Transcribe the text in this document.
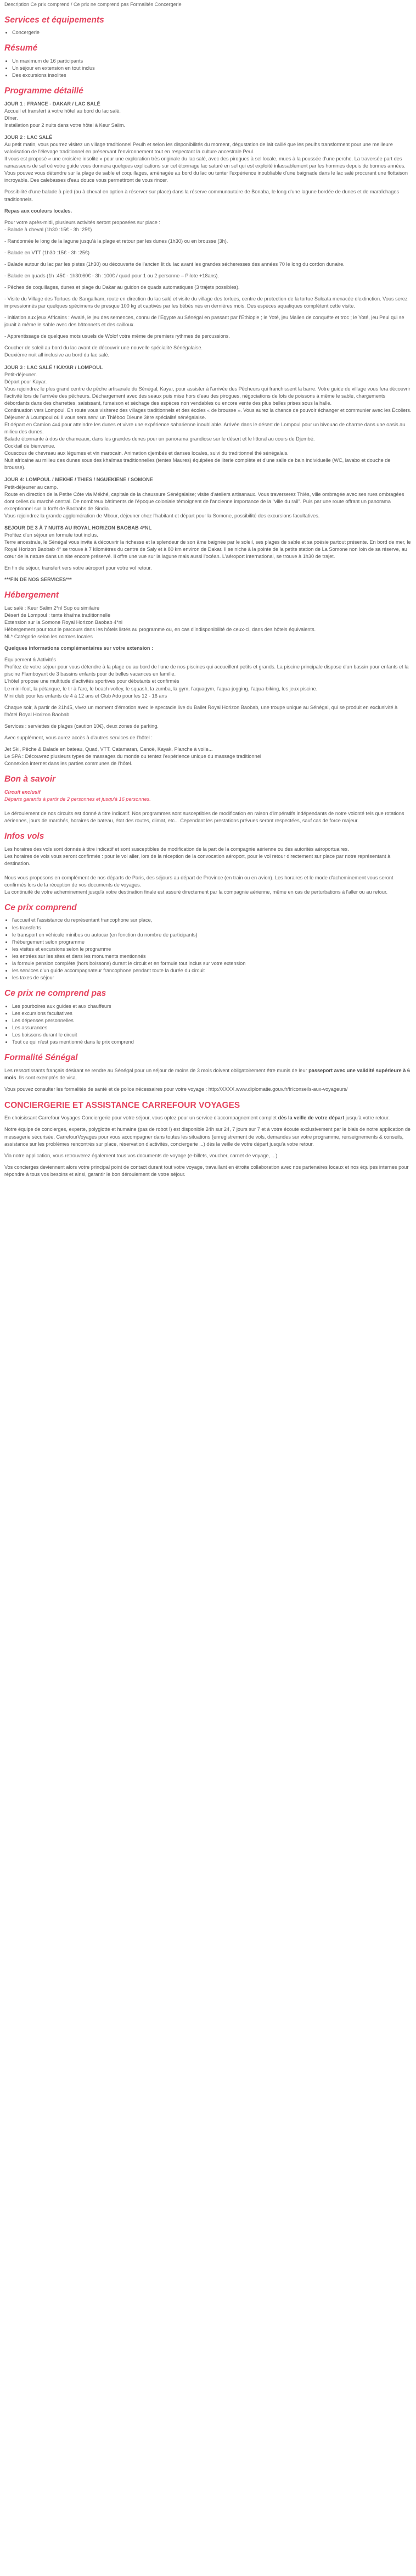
Description Ce prix comprend / Ce prix ne comprend pas Formalités Concergerie
Services et équipements
• Concergerie
Résumé
• Un maximum de 16 participants
• Un séjour en extension en tout inclus
• Des excursions insolites
Programme détaillé
JOUR 1 : FRANCE - DAKAR / LAC SALÉ
Accueil et transfert à votre hôtel au bord du lac salé.
Dîner.
Installation pour 2 nuits dans votre hôtel à Keur Salim.
JOUR 2 : LAC SALÉ
Au petit matin, vous pourrez visitez un village traditionnel Peulh et selon les disponibilités du moment, dégustation de lait caillé que les peulhs transforment pour une meilleure valorisation de l'élevage traditionnel en préservant l'environnement tout en respectant la culture ancestrale Peul.

Il vous est proposé « une croisière insolite » pour une exploration très originale du lac salé, avec des pirogues à sel locale, mues à la poussée d'une perche. La traversée part des ramasseurs de sel où votre guide vous donnera quelques explications sur cet étonnage lac saturé en sel qui est exploité inlassablement par les hommes depuis de bonnes années. Vous pouvez vous détendre sur la plage de sable et coquillages, aménagée au bord du lac ou tenter l'expérience inoubliable d'une baignade dans le lac salé procurant une flottaison incroyable. Des calebasses d'eau douce vous permettront de vous rincer.

Possibilité d'une balade à pied (ou à cheval en option à réserver sur place) dans la réserve communautaire de Bonaba, le long d'une lagune bordée de dunes et de maraîchages traditionnels.

Repas aux couleurs locales.

Pour votre après-midi, plusieurs activités seront proposées sur place :

- Balade à cheval (1h30 :15€ - 3h :25€)

- Randonnée le long de la lagune jusqu'à la plage et retour par les dunes (1h30) ou en brousse (3h).

- Balade en VTT (1h30 :15€ - 3h :25€)

- Balade autour du lac par les pistes (1h30) ou découverte de l'ancien lit du lac avant les grandes sécheresses des années 70 le long du cordon dunaire.

- Balade en quads (1h :45€ - 1h30:60€ - 3h :100€ / quad pour 1 ou 2 personne – Pilote +18ans).

- Pêches de coquillages, dunes et plage du Dakar au guidon de quads automatiques (3 trajets possibles).

- Visite du Village des Tortues de Sangalkam, route en direction du lac salé et visite du village des tortues, centre de protection de la tortue Sulcata menacée d'extinction. Vous serez impressionnés par quelques spécimens de presque 100 kg et captivés par les bébés nés en dernières mois. Des espèces aquatiques complètent cette visite.

- Initiation aux jeux Africains : Awalé, le jeu des semences, connu de l'Égypte au Sénégal en passant par l'Éthiopie ; le Yoté, jeu Malien de conquête et troc ; le Yoté, jeu Peul qui se jouait à même le sable avec des bâtonnets et des cailloux.

- Apprentissage de quelques mots usuels de Wolof votre même de premiers rythmes de percussions.

Coucher de soleil au bord du lac avant de découvrir une nouvelle spécialité Sénégalaise.
Deuxième nuit all inclusive au bord du lac salé.
JOUR 3 : LAC SALÉ / KAYAR / LOMPOUL
Petit-déjeuner.
Départ pour Kayar.
Vous rejoindrez le plus grand centre de pêche artisanale du Sénégal, Kayar, pour assister à l'arrivée des Pêcheurs qui franchissent la barre. Votre guide du village vous fera découvrir l'activité lors de l'arrivée des pêcheurs. Déchargement avec des seaux puis mise hors d'eau des pirogues, négociations de lots de poissons à même le sable, chargements débordants dans des charrettes, saisissant, fumaison et séchage des espèces non vendables ou encore vente des plus belles prises sous la halle.
Continuation vers Lompoul. En route vous visiterez des villages traditionnels et des écoles « de brousse ». Vous aurez la chance de pouvoir échanger et communier avec les Écoliers.
Déjeuner à Loumpoul où il vous sera servi un Thiéboo Dieune 3ère spécialité sénégalaise.
Et départ en Camion 4x4 pour atteindre les dunes et vivre une expérience saharienne inoubliable. Arrivée dans le désert de Lompoul pour un bivouac de charme dans une oasis au milieu des dunes.
Balade étonnante à dos de chameaux, dans les grandes dunes pour un panorama grandiose sur le désert et le littoral au cours de Djembé.
Cocktail de bienvenue.
Couscous de chevreau aux légumes et vin marocain. Animation djembés et danses locales, suivi du traditionnel thé sénégalais.
Nuit africaine au milieu des dunes sous des khaïmas traditionnelles (tentes Maures) équipées de literie complète et d'une salle de bain individuelle (WC, lavabo et douche de brousse).
JOUR 4: LOMPOUL / MEKHE / THIES / NGUEKIENE / SOMONE
Petit-déjeuner au camp.
Route en direction de la Petite Côte via Mékhé, capitale de la chaussure Sénégalaise; visite d'ateliers artisanaux. Vous traverserez Thiès, ville ombragée avec ses rues ombragées dont celles du marché central. De nombreux bâtiments de l'époque coloniale témoignent de l'ancienne importance de la "ville du rail". Puis par une route offrant un panorama exceptionnel sur la forêt de Baobabs de Sindia.
Vous rejoindrez la grande agglomération de Mbour, déjeuner chez l'habitant et départ pour la Somone, possibilité des excursions facultatives.
SEJOUR DE 3 À 7 NUITS AU ROYAL HORIZON BAOBAB 4*NL
Profitez d'un séjour en formule tout inclus.

Terre ancestrale, le Sénégal vous invite à découvrir la richesse et la splendeur de son âme baignée par le soleil, ses plages de sable et sa poésie partout présente. En bord de mer, le Royal Horizon Baobab 4* se trouve à 7 kilomètres du centre de Saly et à 80 km environ de Dakar. Il se niche à la pointe de la petite station de La Somone non loin de sa réserve, au cœur de la nature dans un site encore préservé. Il offre une vue sur la lagune mais aussi l'océan. L'aéroport international, se trouve à 1h30 de trajet.

En fin de séjour, transfert vers votre aéroport pour votre vol retour.

***FIN DE NOS SERVICES***

Hébergement
Lac salé : Keur Salim 2*nl Sup ou similaire
Désert de Lompoul : tente khaïma traditionnelle
Extension sur la Somone Royal Horizon Baobab 4*nl
Hébergement pour tout le parcours dans les hôtels listés au programme ou, en cas d'indisponibilité de ceux-ci, dans des hôtels équivalents.

NL* Catégorie selon les normes locales

Quelques informations complémentaires sur votre extension :

Équipement & Activités
Profitez de votre séjour pour vous détendre à la plage ou au bord de l'une de nos piscines qui accueillent petits et grands. La piscine principale dispose d'un bassin pour enfants et la piscine Flamboyant de 3 bassins enfants pour de belles vacances en famille.
L'hôtel propose une multitude d'activités sportives pour débutants et confirmés
Le mini-foot, la pétanque, le tir à l'arc, le beach-volley, le squash, la zumba, la gym, l'aquagym, l'aqua-jogging, l'aqua-biking, les jeux piscine.

Mini club pour les enfants de 4 à 12 ans et Club Ado pour les 12 - 16 ans

Chaque soir, à partir de 21h45, vivez un moment d'émotion avec le spectacle live du Ballet Royal Horizon Baobab, une troupe unique au Sénégal, qui se produit en exclusivité à l'hôtel Royal Horizon Baobab.

Services : serviettes de plages (caution 10€), deux zones de parking.

Avec supplément, vous aurez accès à d'autres services de l'hôtel :

Jet Ski, Pêche & Balade en bateau, Quad, VTT, Catamaran, Canoë, Kayak, Planche à voile...
Le SPA : Découvrez plusieurs types de massages du monde ou tentez l'expérience unique du massage traditionnel
Connexion internet dans les parties communes de l'hôtel.
Bon à savoir
Circuit exclusif

Départs garantis à partir de 2 personnes et jusqu'à 16 personnes.

Le déroulement de nos circuits est donné à titre indicatif. Nos programmes sont susceptibles de modification en raison d'impératifs indépendants de notre volonté tels que rotations aériennes, jours de marchés, horaires de bateau, état des routes, climat, etc... Cependant les prestations prévues seront respectées, sauf cas de force majeur.

Infos vols
Les horaires des vols sont donnés à titre indicatif et sont susceptibles de modification de la part de la compagnie aérienne ou des autorités aéroportuaires.

Les horaires de vols vous seront confirmés : pour le vol aller, lors de la réception de la convocation aéroport, pour le vol retour directement sur place par notre représentant à destination.

Nous vous proposons en complément de nos départs de Paris, des séjours au départ de Province (en train ou en avion). Les horaires et le mode d'acheminement vous seront confirmés lors de la réception de vos documents de voyages.

La continuité de votre acheminement jusqu'à votre destination finale est assuré directement par la compagnie aérienne, même en cas de perturbations à l'aller ou au retour.

Ce prix comprend
• l'accueil et l'assistance du représentant francophone sur place,
• les transferts
• le transport en véhicule minibus ou autocar (en fonction du nombre de participants)
• l'hébergement selon programme
• les visites et excursions selon le programme
• les entrées sur les sites et dans les monuments mentionnés
• la formule pension complète (hors boissons) durant le circuit et en formule tout inclus sur votre extension
• les services d'un guide accompagnateur francophone pendant toute la durée du circuit
• les taxes de séjour
Ce prix ne comprend pas
• Les pourboires aux guides et aux chauffeurs
• Les excursions facultatives
• Les dépenses personnelles
• Les assurances
• Les boissons durant le circuit
• Tout ce qui n'est pas mentionné dans le prix comprend
Formalité Sénégal

Les ressortissants français désirant se rendre au Sénégal pour un séjour de moins de 3 mois doivent obligatoirement être munis de leur passeport avec une validité supérieure à 6 mois. Ils sont exemptés de visa.

Vous pouvez consulter les formalités de santé et de police nécessaires pour votre voyage : http://XXXX.www.diplomatie.gouv.fr/fr/conseils-aux-voyageurs/

CONCIERGERIE ET ASSISTANCE CARREFOUR VOYAGES

En choisissant Carrefour Voyages Conciergerie pour votre séjour, vous optez pour un service d'accompagnement complet dès la veille de votre départ jusqu'à votre retour.

Notre équipe de concierges, experte, polyglotte et humaine (pas de robot !) est disponible 24h sur 24, 7 jours sur 7 et à votre écoute exclusivement par le biais de notre application de messagerie sécurisée, CarrefourVoyages pour vous accompagner dans toutes les situations (enregistrement de vols, demandes sur votre programme, renseignements & conseils, assistance sur les problèmes rencontrés sur place, réservation d'activités, conciergerie ...) dès la veille de votre départ jusqu'à votre retour.

Via notre application, vous retrouverez également tous vos documents de voyage (e-billets, voucher, carnet de voyage, ...)

Vos concierges deviennent alors votre principal point de contact durant tout votre voyage, travaillant en étroite collaboration avec nos partenaires locaux et nos équipes internes pour répondre à tous vos besoins et ainsi, garantir le bon déroulement de votre séjour.
